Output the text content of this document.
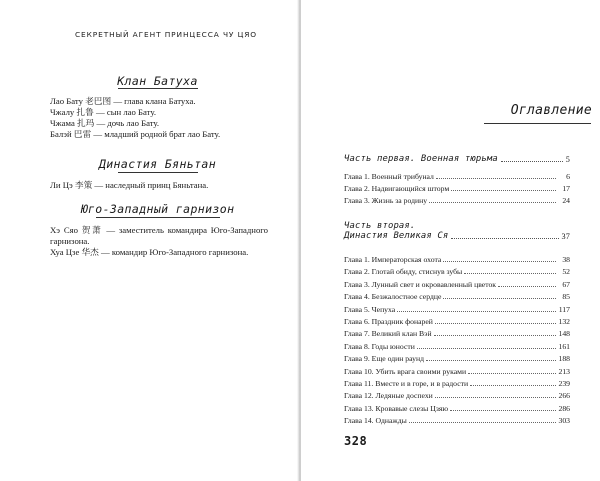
СЕКРЕТНЫЙ АГЕНТ ПРИНЦЕССА ЧУ ЦЯО
Клан Батуха
Лао Бату 老巴图 — глава клана Батуха.
Чжалу 扎鲁 — сын лао Бату.
Чжама 扎玛 — дочь лао Бату.
Балэй 巴雷 — младший родной брат лао Бату.
Династия Бяньтан
Ли Цэ 李策 — наследный принц Бяньтана.
Юго-Западный гарнизон
Хэ Сяо 贺萧 — заместитель командира Юго-Западного гарнизона.
Хуа Цзе 华杰 — командир Юго-Западного гарнизона.
Оглавление
Часть первая. Военная тюрьма	5
Глава 1. Военный трибунал	6
Глава 2. Надвигающийся шторм	17
Глава 3. Жизнь за родину	24
Часть вторая.
Династия Великая Ся	37
Глава 1. Императорская охота	38
Глава 2. Глотай обиду, стиснув зубы	52
Глава 3. Лунный свет и окровавленный цветок	67
Глава 4. Безжалостное сердце	85
Глава 5. Чепуха	117
Глава 6. Праздник фонарей	132
Глава 7. Великий клан Вэй	148
Глава 8. Годы юности	161
Глава 9. Еще один раунд	188
Глава 10. Убить врага своими руками	213
Глава 11. Вместе и в горе, и в радости	239
Глава 12. Ледяные доспехи	266
Глава 13. Кровавые слезы Цзяю	286
Глава 14. Однажды	303
328
